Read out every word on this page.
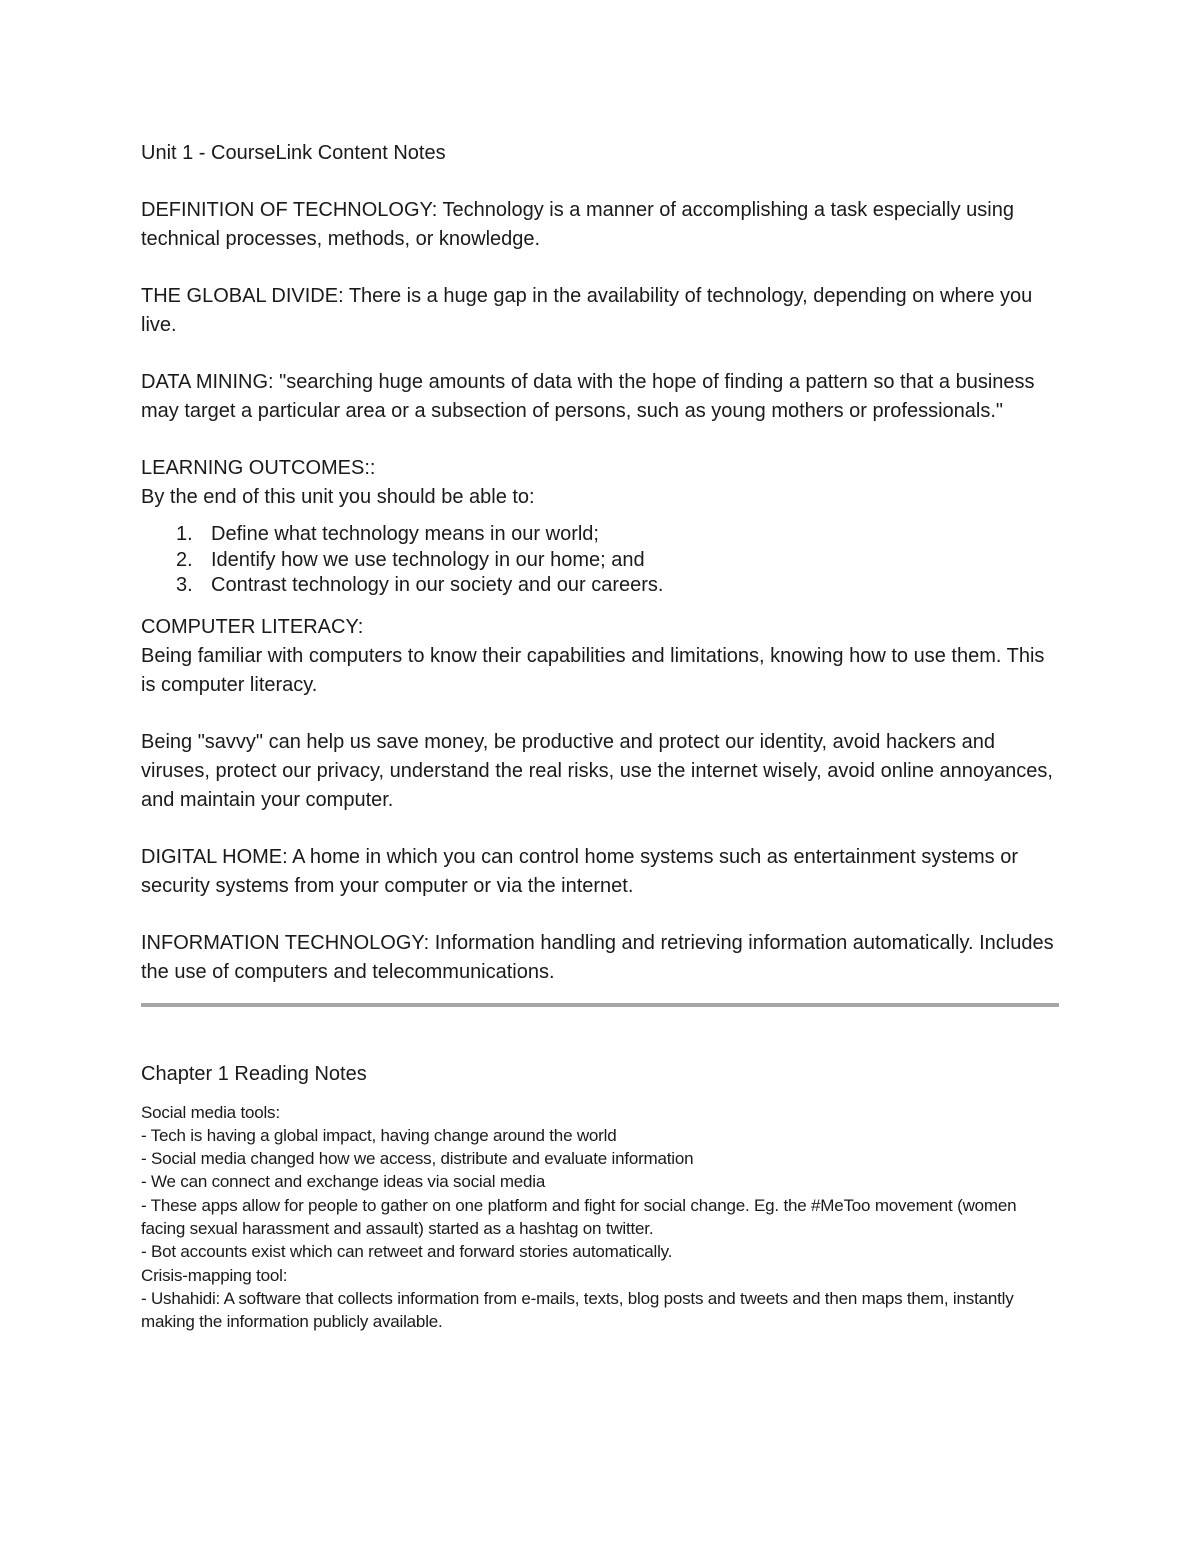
Unit 1 - CourseLink Content Notes

DEFINITION OF TECHNOLOGY: Technology is a manner of accomplishing a task especially using technical processes, methods, or knowledge.

THE GLOBAL DIVIDE: There is a huge gap in the availability of technology, depending on where you live.

DATA MINING: "searching huge amounts of data with the hope of finding a pattern so that a business may target a particular area or a subsection of persons, such as young mothers or professionals."

LEARNING OUTCOMES::

By the end of this unit you should be able to:

1. Define what technology means in our world;
2. Identify how we use technology in our home; and
3. Contrast technology in our society and our careers.

COMPUTER LITERACY:

Being familiar with computers to know their capabilities and limitations, knowing how to use them. This is computer literacy.

Being "savvy" can help us save money, be productive and protect our identity, avoid hackers and viruses, protect our privacy, understand the real risks, use the internet wisely, avoid online annoyances, and maintain your computer.

DIGITAL HOME: A home in which you can control home systems such as entertainment systems or security systems from your computer or via the internet.

INFORMATION TECHNOLOGY: Information handling and retrieving information automatically. Includes the use of computers and telecommunications.

Chapter 1 Reading Notes

Social media tools:

- Tech is having a global impact, having change around the world

- Social media changed how we access, distribute and evaluate information

- We can connect and exchange ideas via social media

- These apps allow for people to gather on one platform and fight for social change. Eg. the #MeToo movement (women facing sexual harassment and assault) started as a hashtag on twitter.

- Bot accounts exist which can retweet and forward stories automatically.

Crisis-mapping tool:

- Ushahidi: A software that collects information from e-mails, texts, blog posts and tweets and then maps them, instantly making the information publicly available.
